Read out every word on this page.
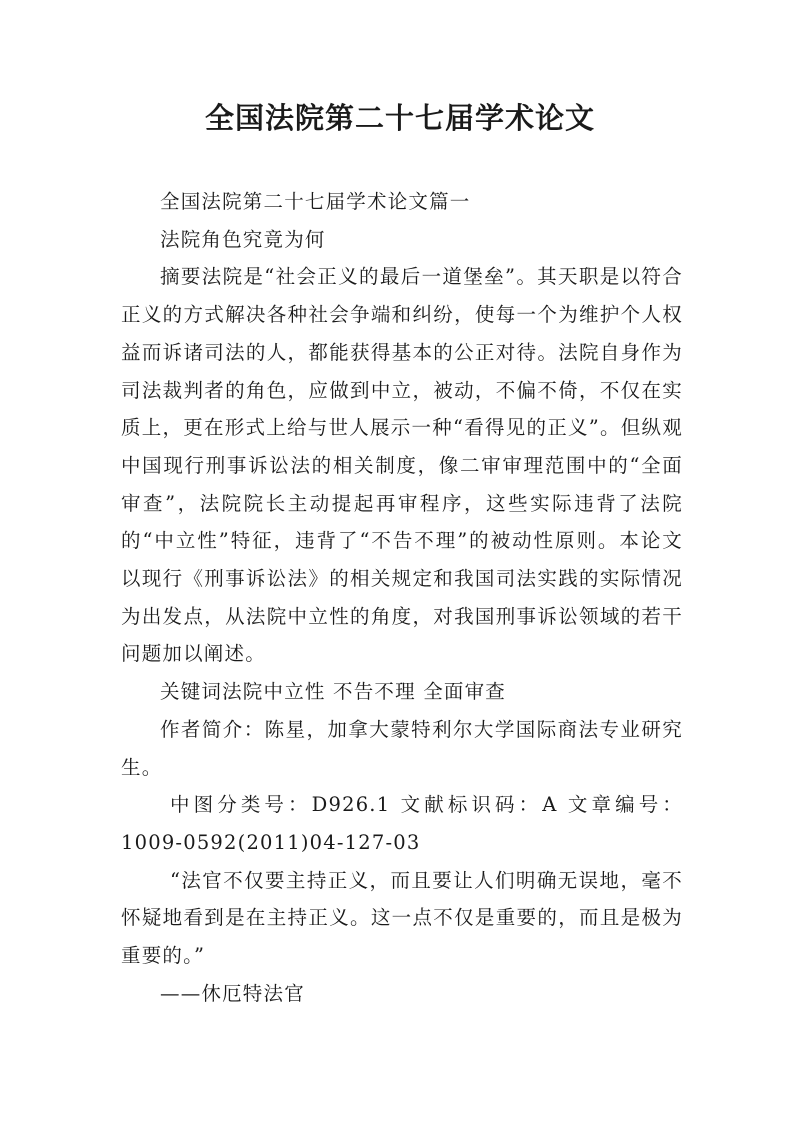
全国法院第二十七届学术论文

全国法院第二十七届学术论文篇一

法院角色究竟为何

摘要法院是“社会正义的最后一道堡垒”。其天职是以符合正义的方式解决各种社会争端和纠纷，使每一个为维护个人权益而诉诸司法的人，都能获得基本的公正对待。法院自身作为司法裁判者的角色，应做到中立，被动，不偏不倚，不仅在实质上，更在形式上给与世人展示一种“看得见的正义”。但纵观中国现行刑事诉讼法的相关制度，像二审审理范围中的“全面审查”，法院院长主动提起再审程序，这些实际违背了法院的“中立性”特征，违背了“不告不理”的被动性原则。本论文以现行《刑事诉讼法》的相关规定和我国司法实践的实际情况为出发点，从法院中立性的角度，对我国刑事诉讼领域的若干问题加以阐述。

关键词法院中立性 不告不理 全面审查

作者简介：陈星，加拿大蒙特利尔大学国际商法专业研究生。

中图分类号：D926.1 文献标识码：A 文章编号：1009-0592(2011)04-127-03

“法官不仅要主持正义，而且要让人们明确无误地，毫不怀疑地看到是在主持正义。这一点不仅是重要的，而且是极为重要的。”

——休厄特法官
